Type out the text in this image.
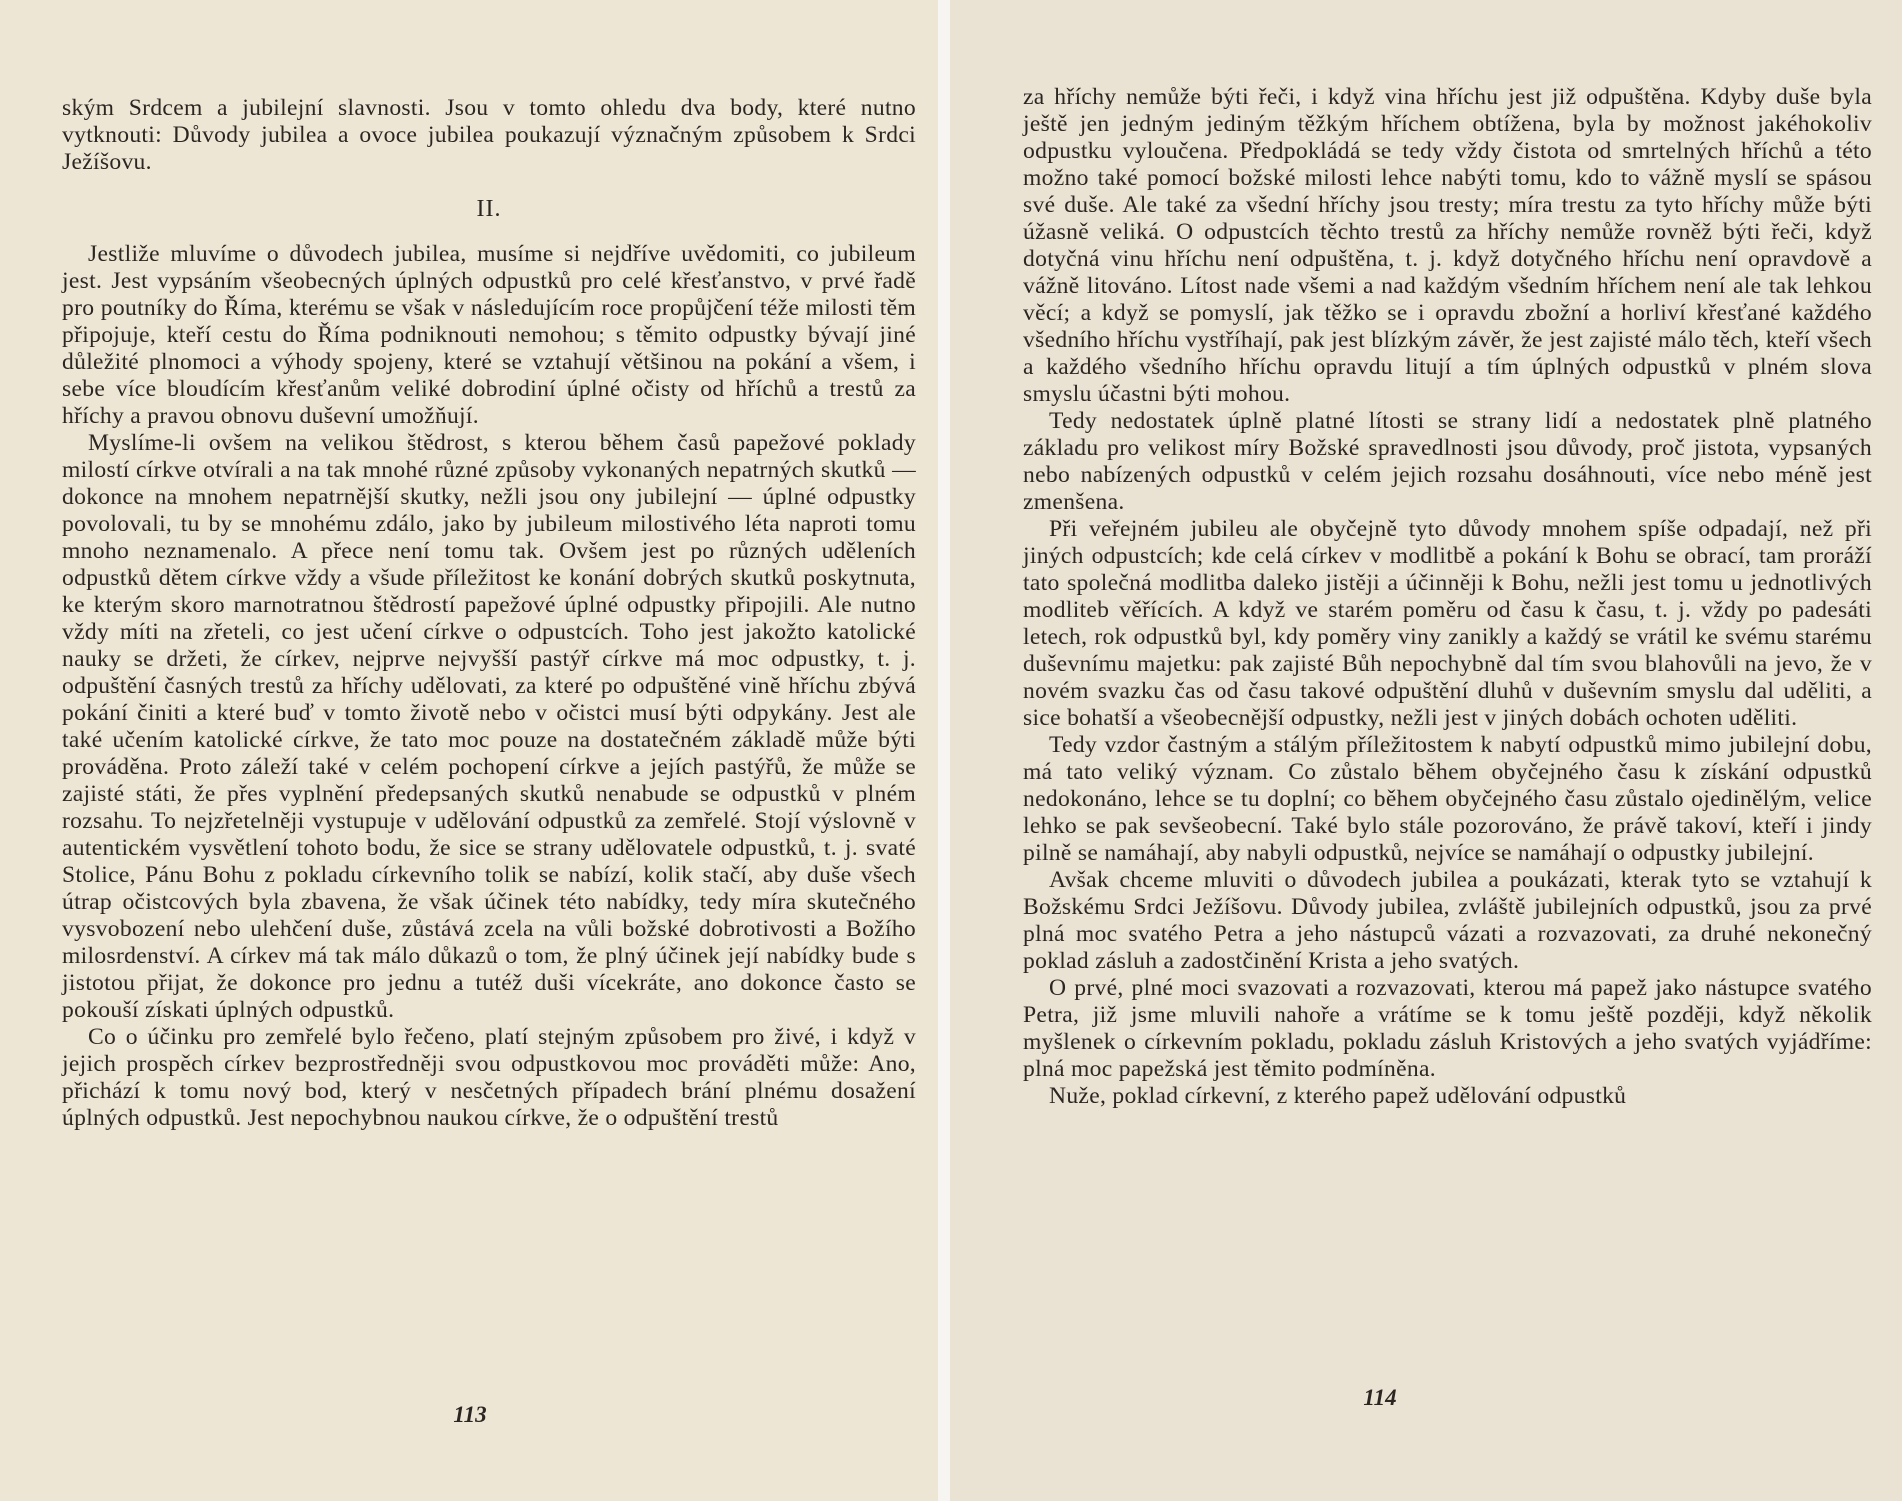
ským Srdcem a jubilejní slavnosti. Jsou v tomto ohledu dva body, které nutno vytknouti: Důvody jubilea a ovoce jubilea poukazují význačným způsobem k Srdci Ježíšovu.

II.

Jestliže mluvíme o důvodech jubilea, musíme si nejdříve uvědomiti, co jubileum jest. Jest vypsáním všeobecných úplných odpustků pro celé křesťanstvo, v prvé řadě pro poutníky do Říma, kterému se však v následujícím roce propůjčení téže milosti těm připojuje, kteří cestu do Říma podniknouti nemohou; s těmito odpustky bývají jiné důležité plnomoci a výhody spojeny, které se vztahují většinou na pokání a všem, i sebe více bloudícím křesťanům veliké dobrodiní úplné očisty od hříchů a trestů za hříchy a pravou obnovu duševní umožňují.

Myslíme-li ovšem na velikou štědrost, s kterou během časů papežové poklady milostí církve otvírali a na tak mnohé různé způsoby vykonaných nepatrných skutků — dokonce na mnohem nepatrnější skutky, nežli jsou ony jubilejní — úplné odpustky povolovali, tu by se mnohému zdálo, jako by jubileum milostivého léta naproti tomu mnoho neznamenalo. A přece není tomu tak. Ovšem jest po různých uděleních odpustků dětem církve vždy a všude příležitost ke konání dobrých skutků poskytnuta, ke kterým skoro marnotratnou štědrostí papežové úplné odpustky připojili. Ale nutno vždy míti na zřeteli, co jest učení církve o odpustcích. Toho jest jakožto katolické nauky se držeti, že církev, nejprve nejvyšší pastýř církve má moc odpustky, t. j. odpuštění časných trestů za hříchy udělovati, za které po odpuštěné vině hříchu zbývá pokání činiti a které buď v tomto životě nebo v očistci musí býti odpykány. Jest ale také učením katolické církve, že tato moc pouze na dostatečném základě může býti prováděna. Proto záleží také v celém pochopení církve a jejích pastýřů, že může se zajisté státi, že přes vyplnění předepsaných skutků nenabude se odpustků v plném rozsahu. To nejzřetelněji vystupuje v udělování odpustků za zemřelé. Stojí výslovně v autentickém vysvětlení tohoto bodu, že sice se strany udělovatele odpustků, t. j. svaté Stolice, Pánu Bohu z pokladu církevního tolik se nabízí, kolik stačí, aby duše všech útrap očistcových byla zbavena, že však účinek této nabídky, tedy míra skutečného vysvobození nebo ulehčení duše, zůstává zcela na vůli božské dobrotivosti a Božího milosrdenství. A církev má tak málo důkazů o tom, že plný účinek její nabídky bude s jistotou přijat, že dokonce pro jednu a tutéž duši vícekráte, ano dokonce často se pokouší získati úplných odpustků.

Co o účinku pro zemřelé bylo řečeno, platí stejným způsobem pro živé, i když v jejich prospěch církev bezprostředněji svou odpustkovou moc prováděti může: Ano, přichází k tomu nový bod, který v nesčetných případech brání plnému dosažení úplných odpustků. Jest nepochybnou naukou církve, že o odpuštění trestů

113

za hříchy nemůže býti řeči, i když vina hříchu jest již odpuštěna. Kdyby duše byla ještě jen jedným jediným těžkým hříchem obtížena, byla by možnost jakéhokoliv odpustku vyloučena. Předpokládá se tedy vždy čistota od smrtelných hříchů a této možno také pomocí božské milosti lehce nabýti tomu, kdo to vážně myslí se spásou své duše. Ale také za všední hříchy jsou tresty; míra trestu za tyto hříchy může býti úžasně veliká. O odpustcích těchto trestů za hříchy nemůže rovněž býti řeči, když dotyčná vinu hříchu není odpuštěna, t. j. když dotyčného hříchu není opravdově a vážně litováno. Lítost nade všemi a nad každým všedním hříchem není ale tak lehkou věcí; a když se pomyslí, jak těžko se i opravdu zbožní a horliví křesťané každého všedního hříchu vystříhají, pak jest blízkým závěr, že jest zajisté málo těch, kteří všech a každého všedního hříchu opravdu litují a tím úplných odpustků v plném slova smyslu účastni býti mohou.

Tedy nedostatek úplně platné lítosti se strany lidí a nedostatek plně platného základu pro velikost míry Božské spravedlnosti jsou důvody, proč jistota, vypsaných nebo nabízených odpustků v celém jejich rozsahu dosáhnouti, více nebo méně jest zmenšena.

Při veřejném jubileu ale obyčejně tyto důvody mnohem spíše odpadají, než při jiných odpustcích; kde celá církev v modlitbě a pokání k Bohu se obrací, tam proráží tato společná modlitba daleko jistěji a účinněji k Bohu, nežli jest tomu u jednotlivých modliteb věřících. A když ve starém poměru od času k času, t. j. vždy po padesáti letech, rok odpustků byl, kdy poměry viny zanikly a každý se vrátil ke svému starému duševnímu majetku: pak zajisté Bůh nepochybně dal tím svou blahovůli na jevo, že v novém svazku čas od času takové odpuštění dluhů v duševním smyslu dal uděliti, a sice bohatší a všeobecnější odpustky, nežli jest v jiných dobách ochoten uděliti.

Tedy vzdor častným a stálým příležitostem k nabytí odpustků mimo jubilejní dobu, má tato veliký význam. Co zůstalo během obyčejného času k získání odpustků nedokonáno, lehce se tu doplní; co během obyčejného času zůstalo ojedinělým, velice lehko se pak sevšeobecní. Také bylo stále pozorováno, že právě takoví, kteří i jindy pilně se namáhají, aby nabyli odpustků, nejvíce se namáhají o odpustky jubilejní.

Avšak chceme mluviti o důvodech jubilea a poukázati, kterak tyto se vztahují k Božskému Srdci Ježíšovu. Důvody jubilea, zvláště jubilejních odpustků, jsou za prvé plná moc svatého Petra a jeho nástupců vázati a rozvazovati, za druhé nekonečný poklad zásluh a zadostčinění Krista a jeho svatých.

O prvé, plné moci svazovati a rozvazovati, kterou má papež jako nástupce svatého Petra, již jsme mluvili nahoře a vrátíme se k tomu ještě později, když několik myšlenek o církevním pokladu, pokladu zásluh Kristových a jeho svatých vyjádříme: plná moc papežská jest těmito podmíněna.

Nuže, poklad církevní, z kterého papež udělování odpustků

114
